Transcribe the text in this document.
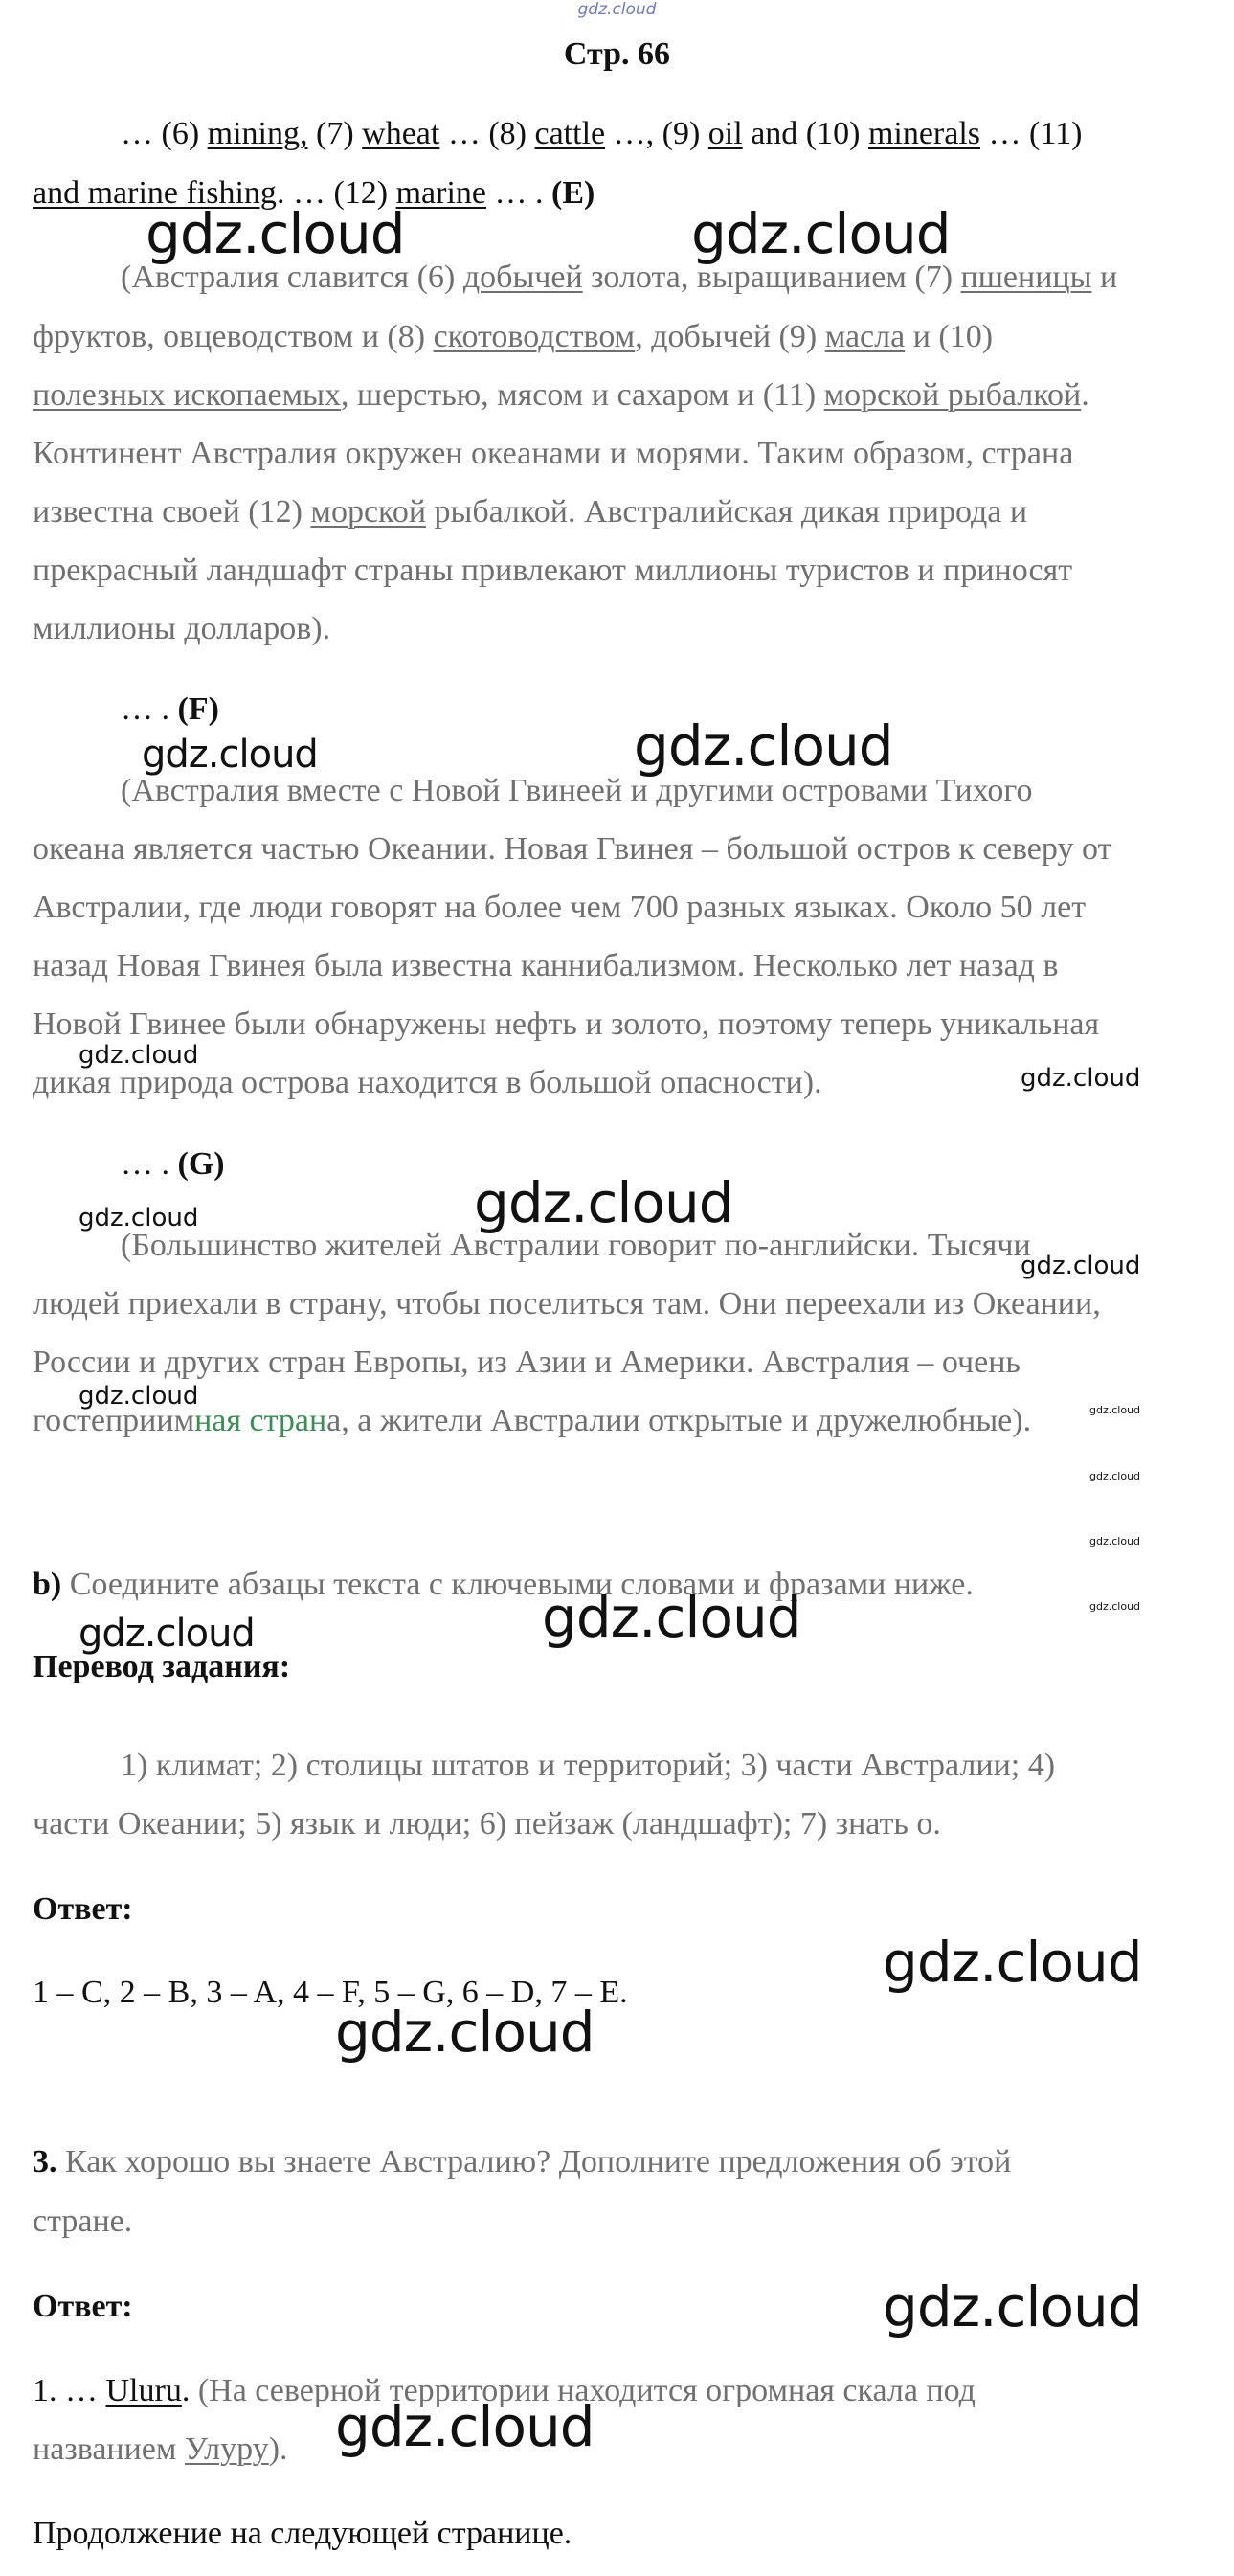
gdz.cloud
Стр. 66
… (6) mining, (7) wheat … (8) cattle …, (9) oil and (10) minerals … (11)
and marine fishing. … (12) marine … . (E)
(Австралия славится (6) добычей золота, выращиванием (7) пшеницы и
фруктов, овцеводством и (8) скотоводством, добычей (9) масла и (10)
полезных ископаемых, шерстью, мясом и сахаром и (11) морской рыбалкой.
Континент Австралия окружен океанами и морями. Таким образом, страна
известна своей (12) морской рыбалкой. Австралийская дикая природа и
прекрасный ландшафт страны привлекают миллионы туристов и приносят
миллионы долларов).
… . (F)
(Австралия вместе с Новой Гвинеей и другими островами Тихого
океана является частью Океании. Новая Гвинея – большой остров к северу от
Австралии, где люди говорят на более чем 700 разных языках. Около 50 лет
назад Новая Гвинея была известна каннибализмом. Несколько лет назад в
Новой Гвинее были обнаружены нефть и золото, поэтому теперь уникальная
дикая природа острова находится в большой опасности).
… . (G)
(Большинство жителей Австралии говорит по-английски. Тысячи
людей приехали в страну, чтобы поселиться там. Они переехали из Океании,
России и других стран Европы, из Азии и Америки. Австралия – очень
гостеприимная страна, а жители Австралии открытые и дружелюбные).
b) Соедините абзацы текста с ключевыми словами и фразами ниже.
Перевод задания:
1) климат; 2) столицы штатов и территорий; 3) части Австралии; 4)
части Океании; 5) язык и люди; 6) пейзаж (ландшафт); 7) знать о.
Ответ:
1 – C, 2 – B, 3 – A, 4 – F, 5 – G, 6 – D, 7 – E.
3. Как хорошо вы знаете Австралию? Дополните предложения об этой
стране.
Ответ:
1. … Uluru. (На северной территории находится огромная скала под
названием Улуру).
Продолжение на следующей странице.
gdz.cloud	gdz.cloud
gdz.cloud	gdz.cloud
gdz.cloud
gdz.cloud
gdz.cloud
gdz.cloud
gdz.cloud
gdz.cloud	gdz.cloud
gdz.cloud
gdz.cloud
gdz.cloud
gdz.cloud	gdz.cloud
gdz.cloud
gdz.cloud
gdz.cloud
gdz.cloud
